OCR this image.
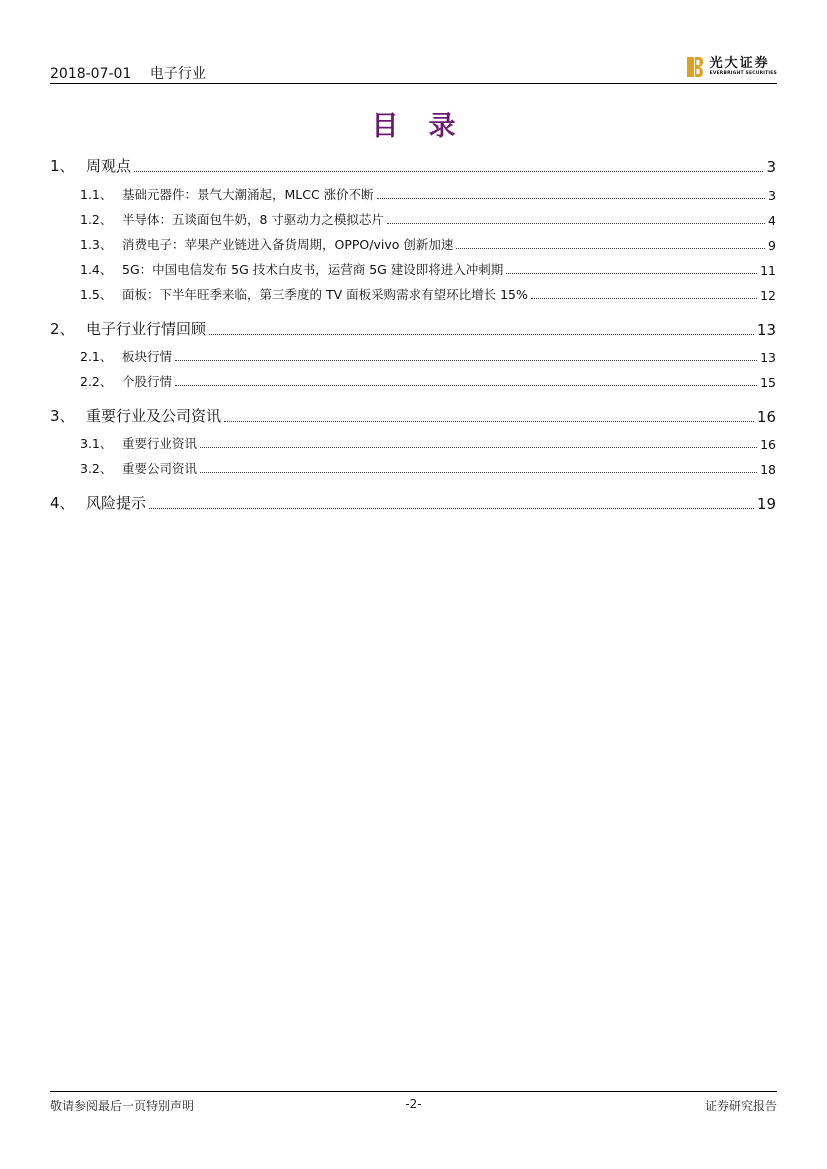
2018-07-01 电子行业
光大证券
EVERBRIGHT SECURITIES
目录
1、 周观点	3
1.1、 基础元器件：景气大潮涌起，MLCC 涨价不断	3
1.2、 半导体：五谈面包牛奶，8 寸驱动力之模拟芯片	4
1.3、 消费电子：苹果产业链进入备货周期，OPPO/vivo 创新加速	9
1.4、 5G：中国电信发布 5G 技术白皮书，运营商 5G 建设即将进入冲刺期	11
1.5、 面板：下半年旺季来临，第三季度的 TV 面板采购需求有望环比增长 15%	12
2、 电子行业行情回顾	13
2.1、 板块行情	13
2.2、 个股行情	15
3、 重要行业及公司资讯	16
3.1、 重要行业资讯	16
3.2、 重要公司资讯	18
4、 风险提示	19
敬请参阅最后一页特别声明	-2-	证券研究报告
